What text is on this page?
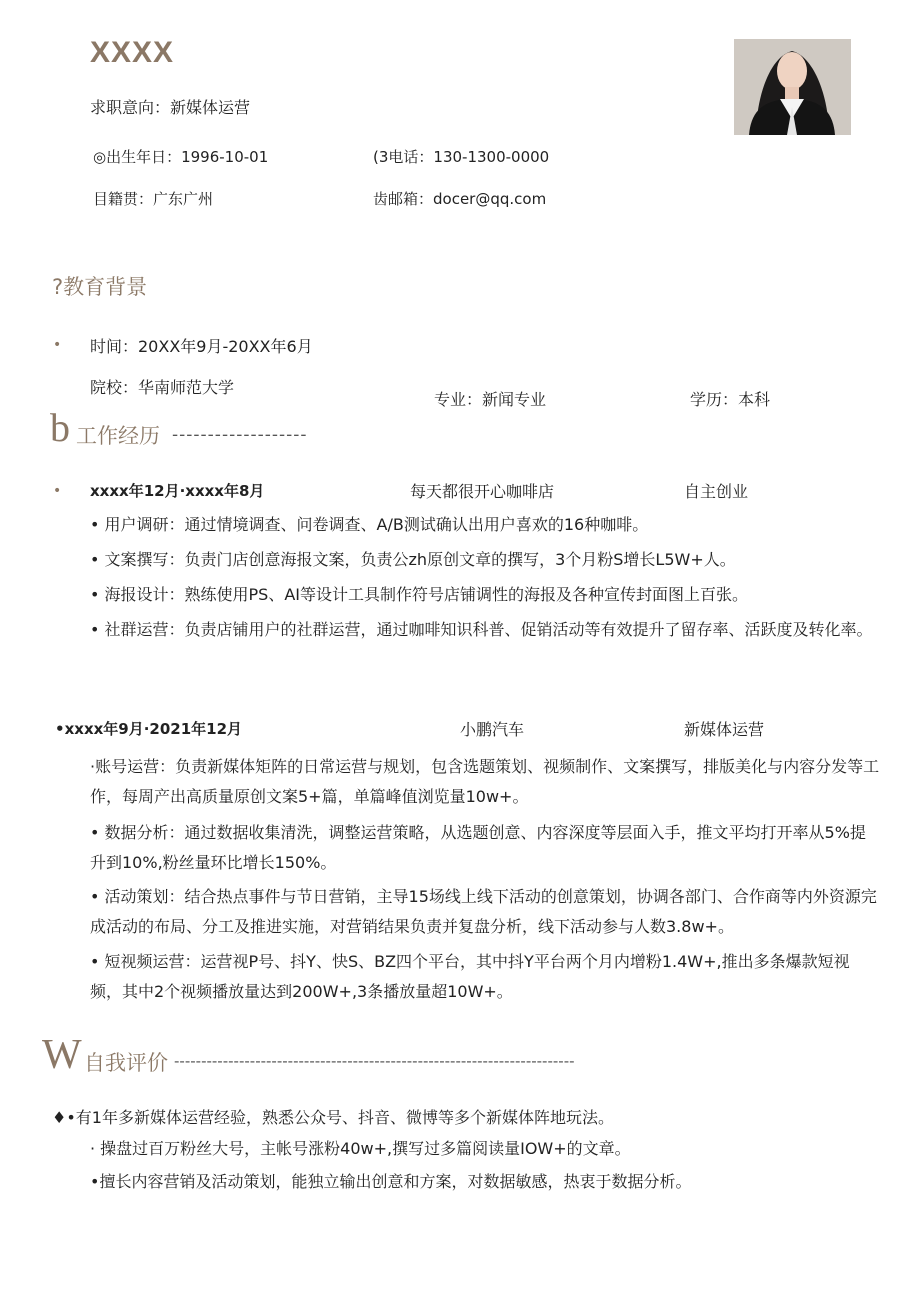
XXXX
求职意向：新媒体运营
◎出生年日：1996-10-01	(3电话：130-1300-0000
目籍贯：广东广州	齿邮箱：docer@qq.com
?教育背景
• 时间：20XX年9月-20XX年6月
院校：华南师范大学
专业：新闻专业	学历：本科
b 工作经历 -------------------
• xxxx年12月·xxxx年8月	每天都很开心咖啡店	自主创业
• 用户调研：通过情境调查、问卷调查、A/B测试确认出用户喜欢的16种咖啡。
• 文案撰写：负责门店创意海报文案，负责公zh原创文章的撰写，3个月粉S增长L5W+人。
• 海报设计：熟练使用PS、AI等设计工具制作符号店铺调性的海报及各种宣传封面图上百张。
• 社群运营：负责店铺用户的社群运营，通过咖啡知识科普、促销活动等有效提升了留存率、活跃度及转化率。
•xxxx年9月·2021年12月	小鹏汽车	新媒体运营
·账号运营：负责新媒体矩阵的日常运营与规划，包含选题策划、视频制作、文案撰写，排版美化与内容分发等工作，每周产出高质量原创文案5+篇，单篇峰值浏览量10w+。
• 数据分析：通过数据收集清洗，调整运营策略，从选题创意、内容深度等层面入手，推文平均打开率从5%提升到10%,粉丝量环比增长150%。
• 活动策划：结合热点事件与节日营销，主导15场线上线下活动的创意策划，协调各部门、合作商等内外资源完成活动的布局、分工及推进实施，对营销结果负责并复盘分析，线下活动参与人数3.8w+。
• 短视频运营：运营视P号、抖Y、快S、BZ四个平台，其中抖Y平台两个月内增粉1.4W+,推出多条爆款短视频，其中2个视频播放量达到200W+,3条播放量超10W+。
W 自我评价 --------------------------------------------------------------------------
♦•有1年多新媒体运营经验，熟悉公众号、抖音、微博等多个新媒体阵地玩法。
· 操盘过百万粉丝大号，主帐号涨粉40w+,撰写过多篇阅读量IOW+的文章。
•擅长内容营销及活动策划，能独立输出创意和方案，对数据敏感，热衷于数据分析。
